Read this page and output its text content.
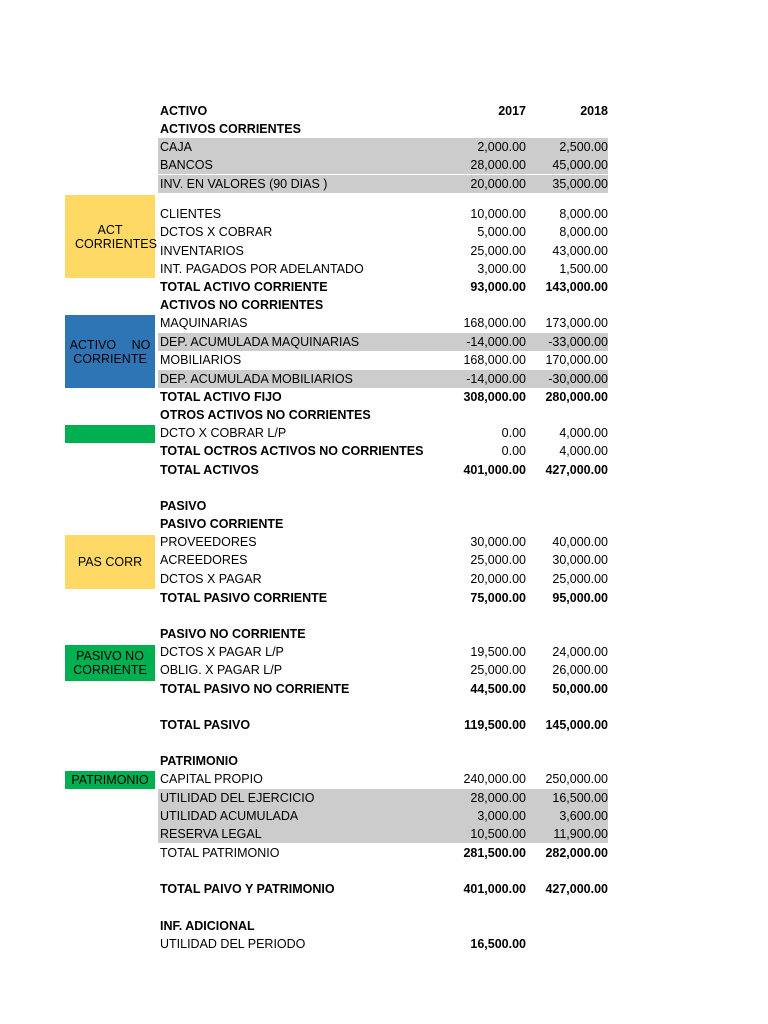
ACT CORRIENTES
ACTIVO NO CORRIENTE
PAS CORR
PASIVO NO CORRIENTE
PATRIMONIO
ACTIVO	2017	2018
ACTIVOS CORRIENTES
CAJA	2,000.00	2,500.00
BANCOS	28,000.00 45,000.00
INV. EN VALORES (90 DIAS )	20,000.00 35,000.00
CLIENTES	10,000.00	8,000.00
DCTOS X COBRAR	5,000.00	8,000.00
INVENTARIOS	25,000.00 43,000.00
INT. PAGADOS POR ADELANTADO	3,000.00	1,500.00
TOTAL ACTIVO CORRIENTE	93,000.00 143,000.00
ACTIVOS NO CORRIENTES
MAQUINARIAS	168,000.00 173,000.00
DEP. ACUMULADA MAQUINARIAS	-14,000.00 -33,000.00
MOBILIARIOS	168,000.00 170,000.00
DEP. ACUMULADA MOBILIARIOS	-14,000.00 -30,000.00
TOTAL ACTIVO FIJO	308,000.00 280,000.00
OTROS ACTIVOS NO CORRIENTES
DCTO X COBRAR L/P	0.00	4,000.00
TOTAL OCTROS ACTIVOS NO CORRIENTES	0.00	4,000.00
TOTAL ACTIVOS	401,000.00 427,000.00
PASIVO
PASIVO CORRIENTE
PROVEEDORES	30,000.00 40,000.00
ACREEDORES	25,000.00 30,000.00
DCTOS X PAGAR	20,000.00 25,000.00
TOTAL PASIVO CORRIENTE	75,000.00 95,000.00
PASIVO NO CORRIENTE
DCTOS X PAGAR L/P	19,500.00 24,000.00
OBLIG. X PAGAR L/P	25,000.00 26,000.00
TOTAL PASIVO NO CORRIENTE	44,500.00 50,000.00
TOTAL PASIVO	119,500.00 145,000.00
PATRIMONIO
CAPITAL PROPIO	240,000.00 250,000.00
UTILIDAD DEL EJERCICIO	28,000.00 16,500.00
UTILIDAD ACUMULADA	3,000.00	3,600.00
RESERVA LEGAL	10,500.00 11,900.00
TOTAL PATRIMONIO	281,500.00 282,000.00
TOTAL PAIVO Y PATRIMONIO	401,000.00 427,000.00
INF. ADICIONAL
UTILIDAD DEL PERIODO	16,500.00
